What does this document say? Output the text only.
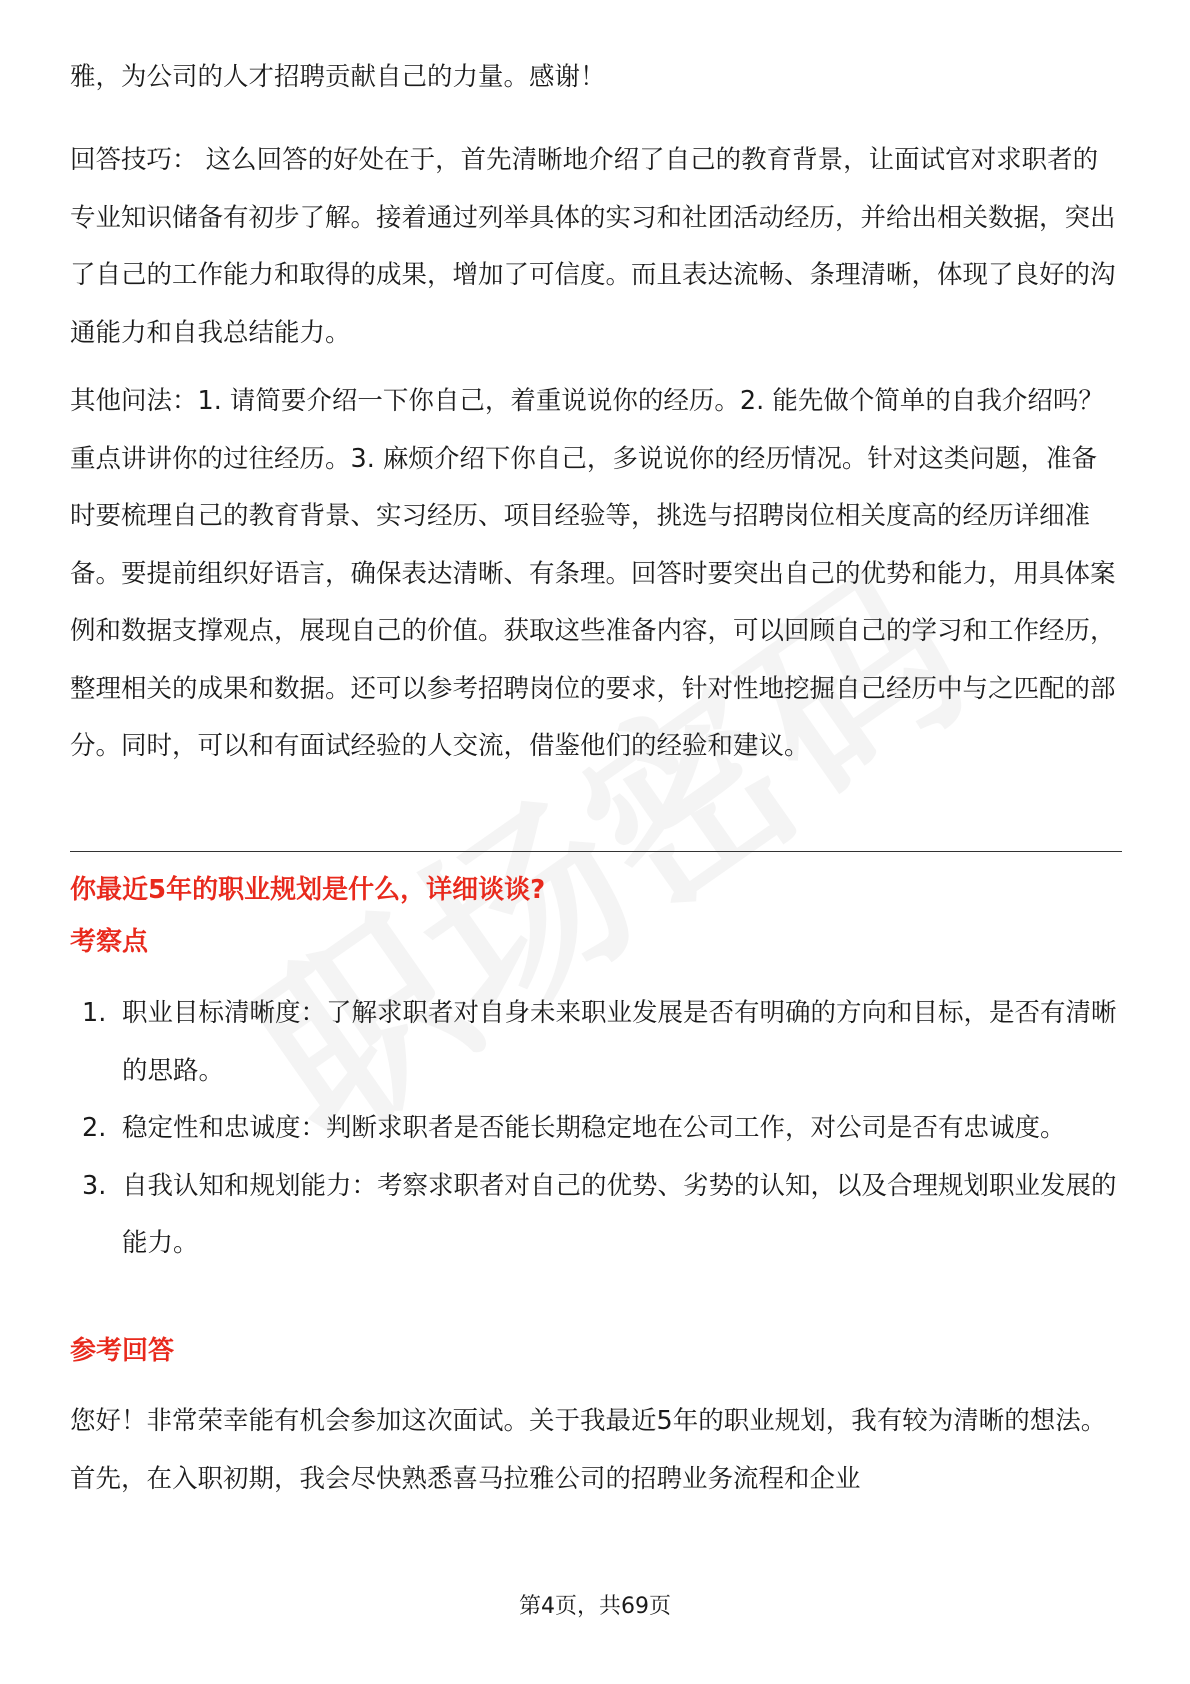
雅，为公司的人才招聘贡献自己的力量。感谢！

回答技巧： 这么回答的好处在于，首先清晰地介绍了自己的教育背景，让面试官对求职者的专业知识储备有初步了解。接着通过列举具体的实习和社团活动经历，并给出相关数据，突出了自己的工作能力和取得的成果，增加了可信度。而且表达流畅、条理清晰，体现了良好的沟通能力和自我总结能力。

其他问法：1. 请简要介绍一下你自己，着重说说你的经历。2. 能先做个简单的自我介绍吗？重点讲讲你的过往经历。3. 麻烦介绍下你自己，多说说你的经历情况。针对这类问题，准备时要梳理自己的教育背景、实习经历、项目经验等，挑选与招聘岗位相关度高的经历详细准备。要提前组织好语言，确保表达清晰、有条理。回答时要突出自己的优势和能力，用具体案例和数据支撑观点，展现自己的价值。获取这些准备内容，可以回顾自己的学习和工作经历，整理相关的成果和数据。还可以参考招聘岗位的要求，针对性地挖掘自己经历中与之匹配的部分。同时，可以和有面试经验的人交流，借鉴他们的经验和建议。

你最近5年的职业规划是什么，详细谈谈?
考察点
1. 职业目标清晰度：了解求职者对自身未来职业发展是否有明确的方向和目标，是否有清晰的思路。
2. 稳定性和忠诚度：判断求职者是否能长期稳定地在公司工作，对公司是否有忠诚度。
3. 自我认知和规划能力：考察求职者对自己的优势、劣势的认知，以及合理规划职业发展的能力。
参考回答

您好！非常荣幸能有机会参加这次面试。关于我最近5年的职业规划，我有较为清晰的想法。首先，在入职初期，我会尽快熟悉喜马拉雅公司的招聘业务流程和企业

第4页，共69页
